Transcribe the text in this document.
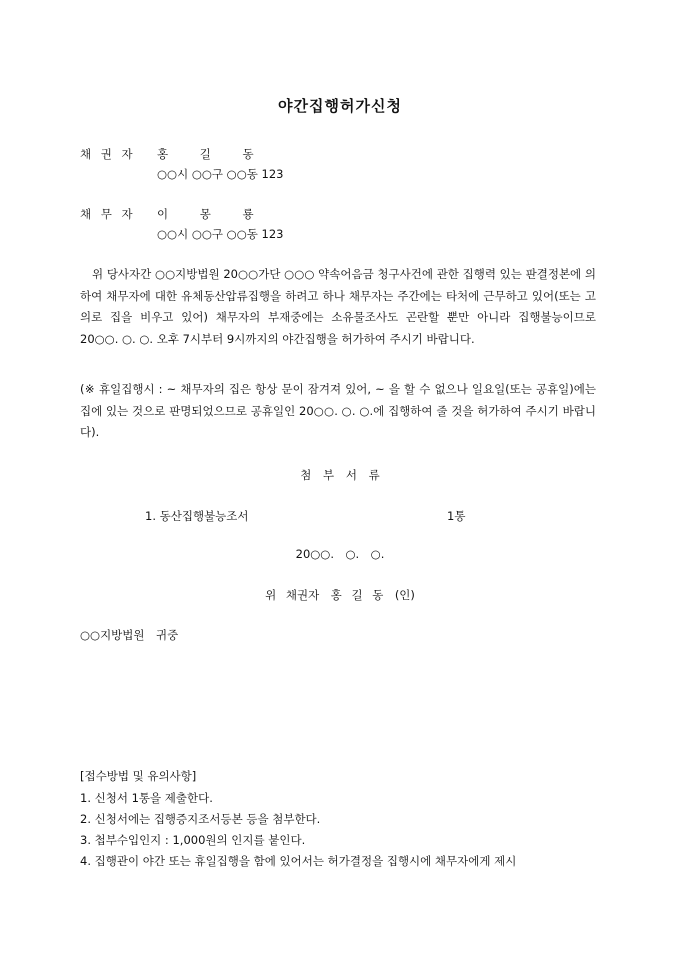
야간집행허가신청
채 권 자 홍 길 동
○○시 ○○구 ○○동 123
채 무 자 이 몽 룡
○○시 ○○구 ○○동 123
위 당사자간 ○○지방법원 20○○가단 ○○○ 약속어음금 청구사건에 관한 집행력 있는 판결정본에 의하여 채무자에 대한 유체동산압류집행을 하려고 하나 채무자는 주간에는 타처에 근무하고 있어(또는 고의로 집을 비우고 있어) 채무자의 부재중에는 소유물조사도 곤란할 뿐만 아니라 집행불능이므로 20○○. ○. ○. 오후 7시부터 9시까지의 야간집행을 허가하여 주시기 바랍니다.
(※ 휴일집행시 : ~ 채무자의 집은 항상 문이 잠겨져 있어, ~ 을 할 수 없으나 일요일(또는 공휴일)에는 집에 있는 것으로 판명되었으므로 공휴일인 20○○. ○. ○.에 집행하여 줄 것을 허가하여 주시기 바랍니다).
첨 부 서 류
1. 동산집행불능조서	1통
20○○.　○.　○.
위 채권자　홍 길 동　(인)
○○지방법원　귀중
[접수방법 및 유의사항]
1. 신청서 1통을 제출한다.
2. 신청서에는 집행증지조서등본 등을 첨부한다.
3. 첩부수입인지 : 1,000원의 인지를 붙인다.
4. 집행관이 야간 또는 휴일집행을 함에 있어서는 허가결정을 집행시에 채무자에게 제시
